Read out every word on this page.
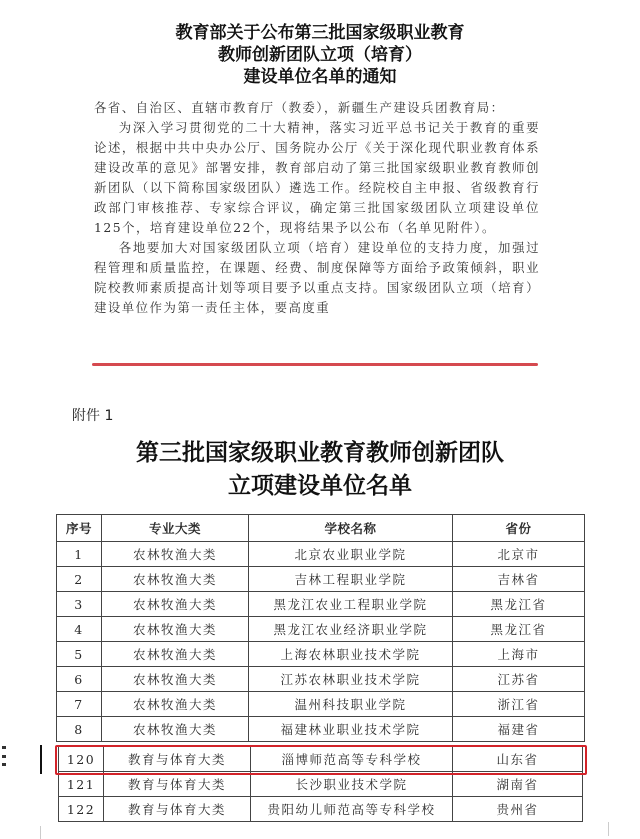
教育部关于公布第三批国家级职业教育
教师创新团队立项（培育）
建设单位名单的通知

各省、自治区、直辖市教育厅（教委），新疆生产建设兵团教育局：

为深入学习贯彻党的二十大精神，落实习近平总书记关于教育的重要论述，根据中共中央办公厅、国务院办公厅《关于深化现代职业教育体系建设改革的意见》部署安排，教育部启动了第三批国家级职业教育教师创新团队（以下简称国家级团队）遴选工作。经院校自主申报、省级教育行政部门审核推荐、专家综合评议，确定第三批国家级团队立项建设单位125个，培育建设单位22个，现将结果予以公布（名单见附件）。

各地要加大对国家级团队立项（培育）建设单位的支持力度，加强过程管理和质量监控，在课题、经费、制度保障等方面给予政策倾斜，职业院校教师素质提高计划等项目要予以重点支持。国家级团队立项（培育）建设单位作为第一责任主体，要高度重

附件 1
第三批国家级职业教育教师创新团队
立项建设单位名单
序号	专业大类	学校名称	省份
1	农林牧渔大类	北京农业职业学院	北京市
2	农林牧渔大类	吉林工程职业学院	吉林省
3	农林牧渔大类	黑龙江农业工程职业学院	黑龙江省
4	农林牧渔大类	黑龙江农业经济职业学院	黑龙江省
5	农林牧渔大类	上海农林职业技术学院	上海市
6	农林牧渔大类	江苏农林职业技术学院	江苏省
7	农林牧渔大类	温州科技职业学院	浙江省
8	农林牧渔大类	福建林业职业技术学院	福建省
120	教育与体育大类	淄博师范高等专科学校	山东省
121	教育与体育大类	长沙职业技术学院	湖南省
122	教育与体育大类	贵阳幼儿师范高等专科学校	贵州省
